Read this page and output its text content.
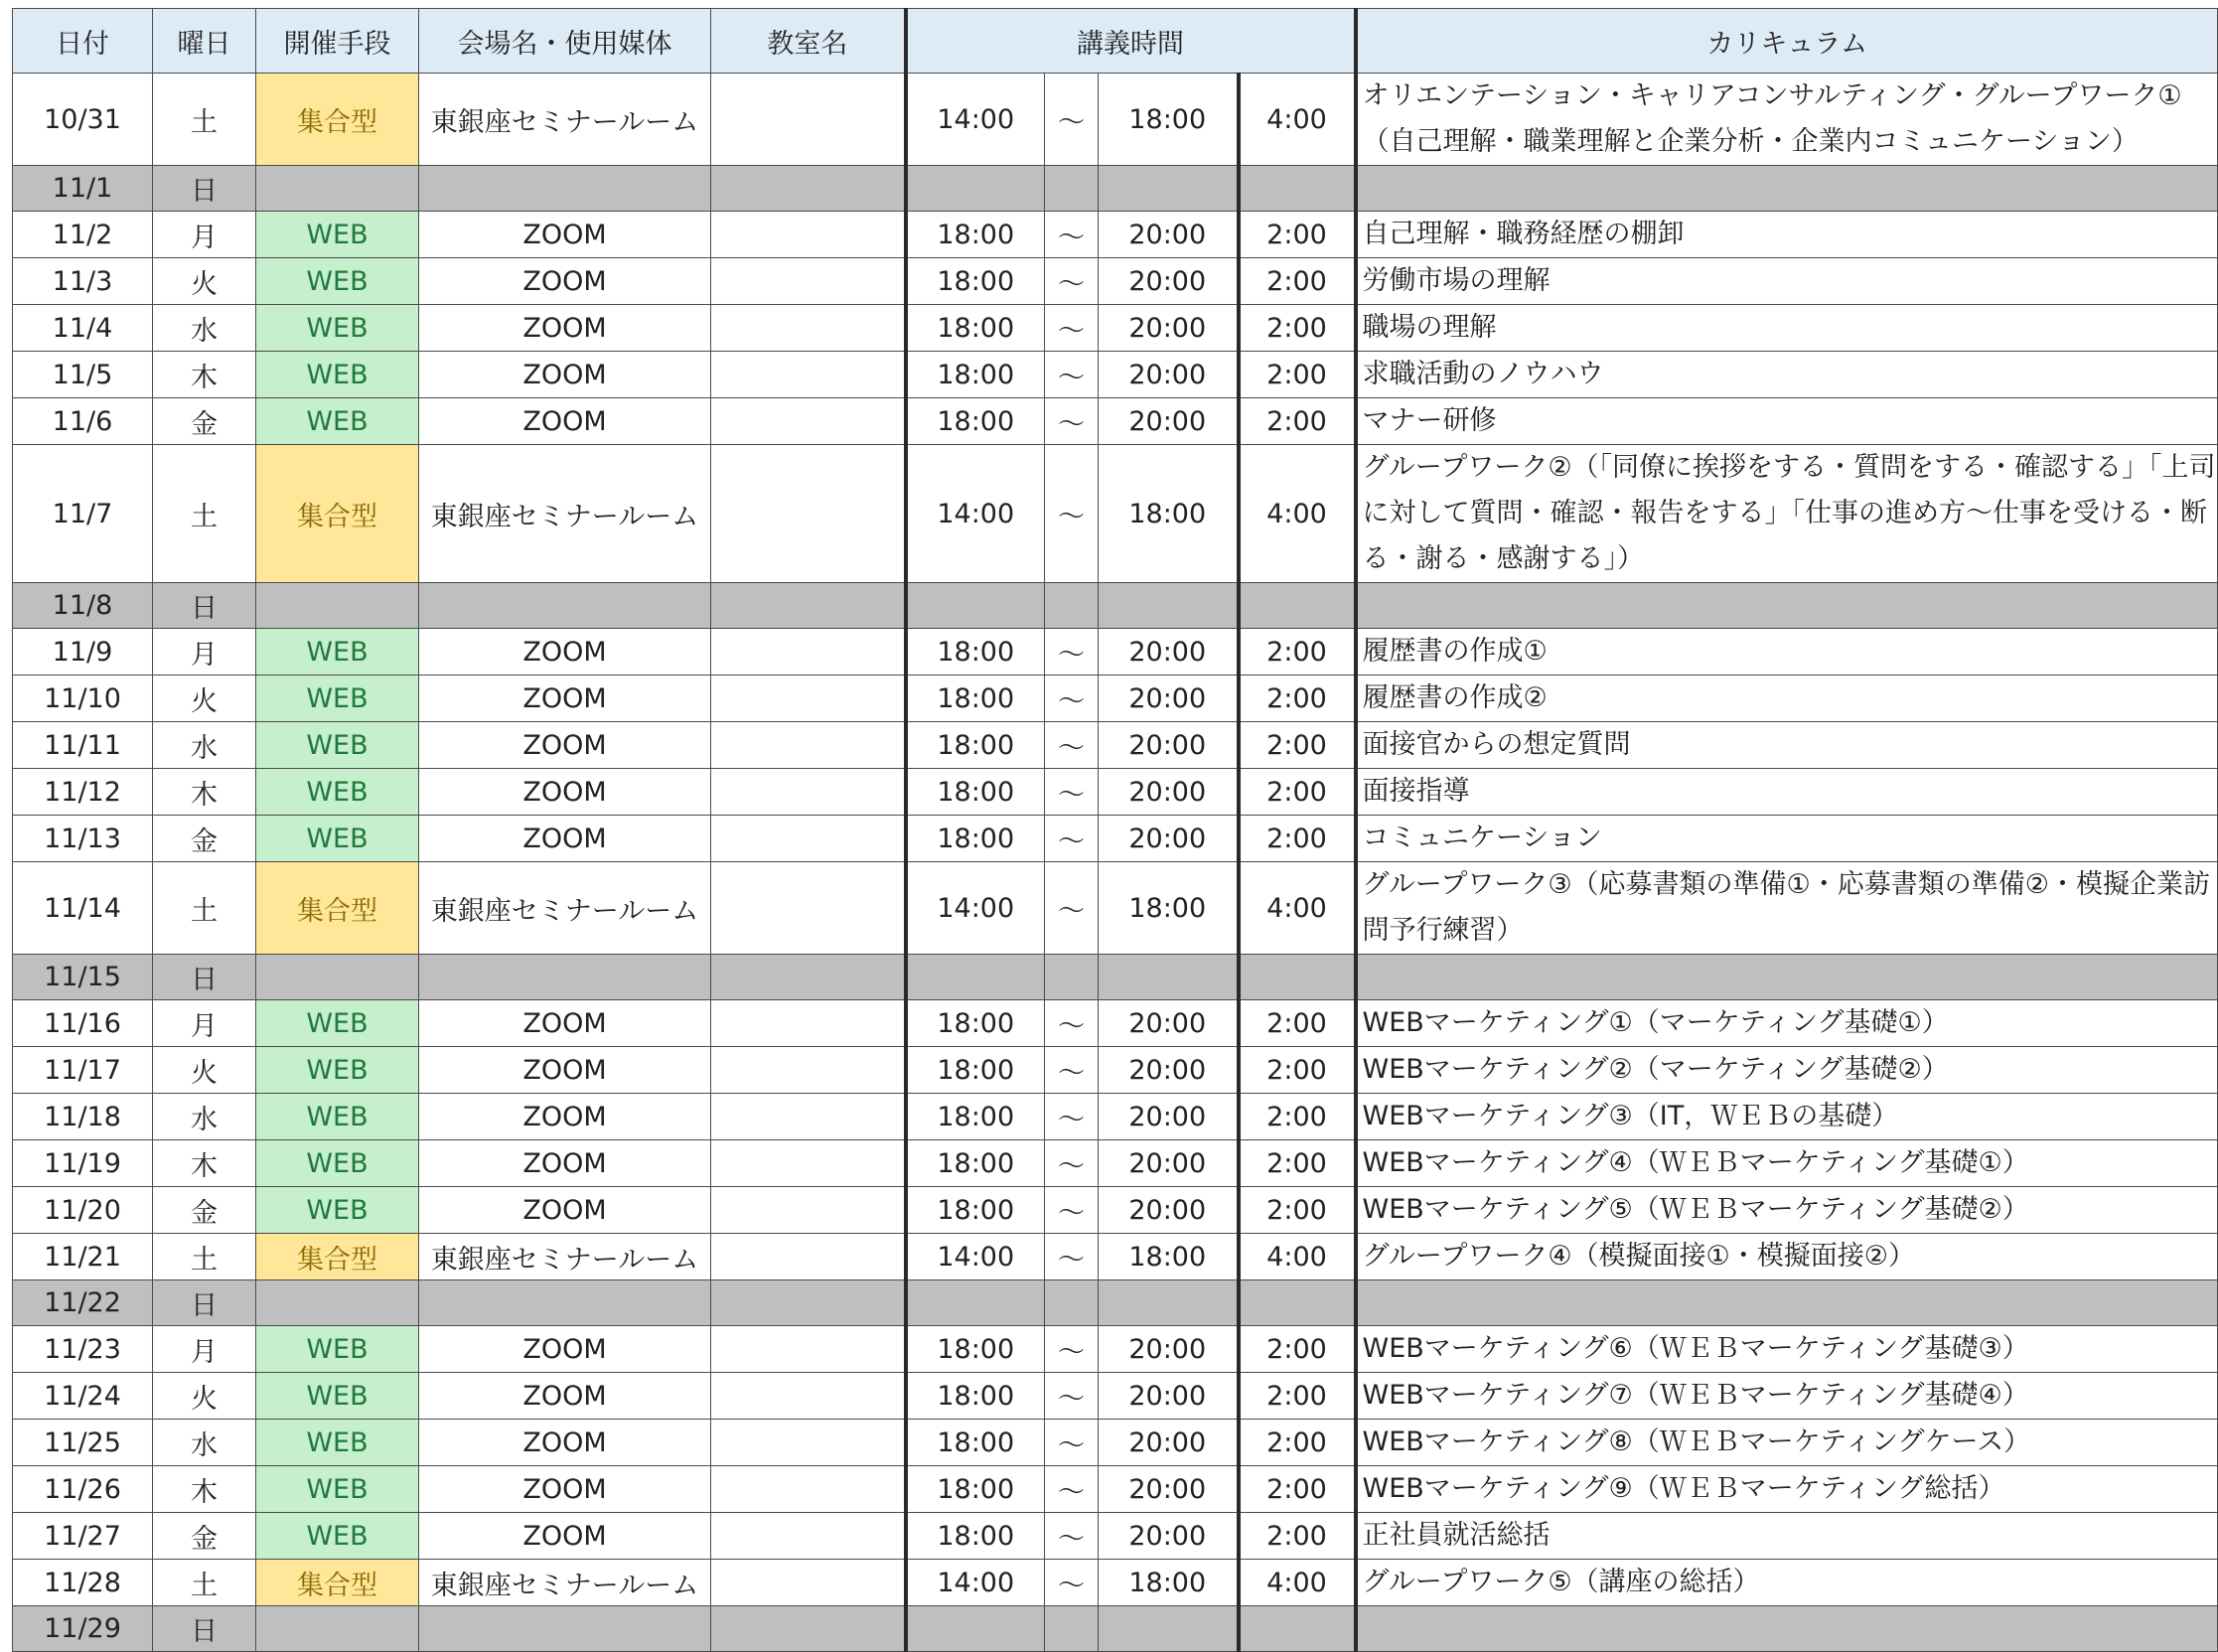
日付	曜日	開催手段	会場名・使用媒体	教室名	講義時間				カリキュラム
10/31	土	集合型	東銀座セミナールーム		14:00	〜	18:00	4:00	オリエンテーション・キャリアコンサルティング・グループワーク①（自己理解・職業理解と企業分析・企業内コミュニケーション）
11/1	日								
11/2	月	WEB	ZOOM		18:00	〜	20:00	2:00	自己理解・職務経歴の棚卸
11/3	火	WEB	ZOOM		18:00	〜	20:00	2:00	労働市場の理解
11/4	水	WEB	ZOOM		18:00	〜	20:00	2:00	職場の理解
11/5	木	WEB	ZOOM		18:00	〜	20:00	2:00	求職活動のノウハウ
11/6	金	WEB	ZOOM		18:00	〜	20:00	2:00	マナー研修
11/7	土	集合型	東銀座セミナールーム		14:00	〜	18:00	4:00	グループワーク②（「同僚に挨拶をする・質問をする・確認する」「上司に対して質問・確認・報告をする」「仕事の進め方〜仕事を受ける・断る・謝る・感謝する」）
11/8	日								
11/9	月	WEB	ZOOM		18:00	〜	20:00	2:00	履歴書の作成①
11/10	火	WEB	ZOOM		18:00	〜	20:00	2:00	履歴書の作成②
11/11	水	WEB	ZOOM		18:00	〜	20:00	2:00	面接官からの想定質問
11/12	木	WEB	ZOOM		18:00	〜	20:00	2:00	面接指導
11/13	金	WEB	ZOOM		18:00	〜	20:00	2:00	コミュニケーション
11/14	土	集合型	東銀座セミナールーム		14:00	〜	18:00	4:00	グループワーク③（応募書類の準備①・応募書類の準備②・模擬企業訪問予行練習）
11/15	日								
11/16	月	WEB	ZOOM		18:00	〜	20:00	2:00	WEBマーケティング①（マーケティング基礎①）
11/17	火	WEB	ZOOM		18:00	〜	20:00	2:00	WEBマーケティング②（マーケティング基礎②）
11/18	水	WEB	ZOOM		18:00	〜	20:00	2:00	WEBマーケティング③（IT，ＷＥＢの基礎）
11/19	木	WEB	ZOOM		18:00	〜	20:00	2:00	WEBマーケティング④（ＷＥＢマーケティング基礎①）
11/20	金	WEB	ZOOM		18:00	〜	20:00	2:00	WEBマーケティング⑤（ＷＥＢマーケティング基礎②）
11/21	土	集合型	東銀座セミナールーム		14:00	〜	18:00	4:00	グループワーク④（模擬面接①・模擬面接②）
11/22	日								
11/23	月	WEB	ZOOM		18:00	〜	20:00	2:00	WEBマーケティング⑥（ＷＥＢマーケティング基礎③）
11/24	火	WEB	ZOOM		18:00	〜	20:00	2:00	WEBマーケティング⑦（ＷＥＢマーケティング基礎④）
11/25	水	WEB	ZOOM		18:00	〜	20:00	2:00	WEBマーケティング⑧（ＷＥＢマーケティングケース）
11/26	木	WEB	ZOOM		18:00	〜	20:00	2:00	WEBマーケティング⑨（ＷＥＢマーケティング総括）
11/27	金	WEB	ZOOM		18:00	〜	20:00	2:00	正社員就活総括
11/28	土	集合型	東銀座セミナールーム		14:00	〜	18:00	4:00	グループワーク⑤（講座の総括）
11/29	日								
